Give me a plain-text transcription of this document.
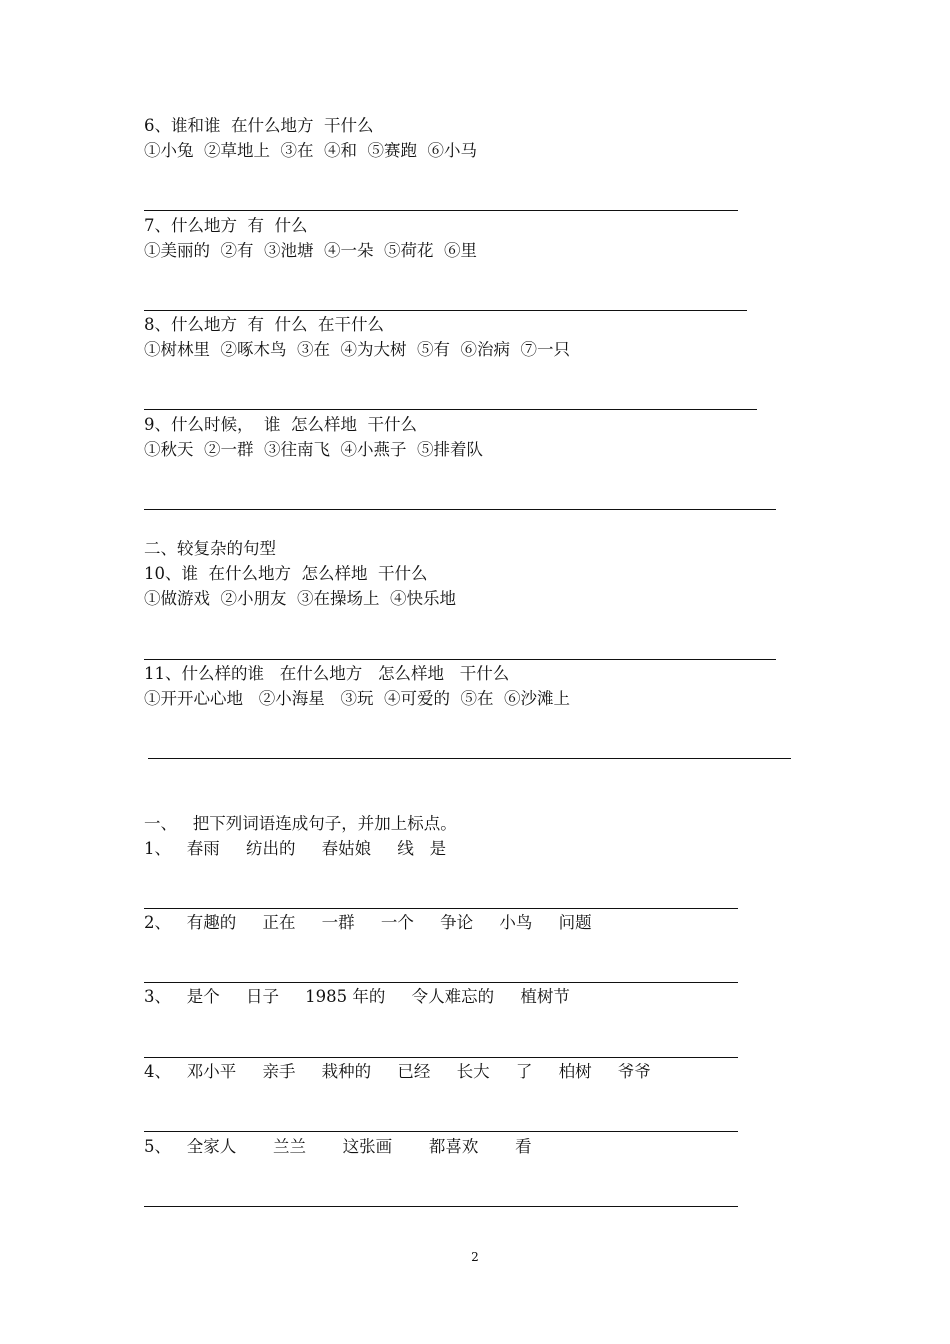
6、谁和谁  在什么地方  干什么

①小兔  ②草地上  ③在  ④和  ⑤赛跑  ⑥小马

7、什么地方  有  什么

①美丽的  ②有  ③池塘  ④一朵  ⑤荷花  ⑥里

8、什么地方  有  什么  在干什么

①树林里  ②啄木鸟  ③在  ④为大树  ⑤有  ⑥治病  ⑦一只

9、什么时候，  谁  怎么样地  干什么

①秋天  ②一群  ③往南飞  ④小燕子  ⑤排着队

二、较复杂的句型

10、谁  在什么地方  怎么样地  干什么

①做游戏  ②小朋友  ③在操场上  ④快乐地

11、什么样的谁   在什么地方   怎么样地   干什么

①开开心心地   ②小海星   ③玩  ④可爱的  ⑤在  ⑥沙滩上

一、   把下列词语连成句子，并加上标点。

1、   春雨     纺出的     春姑娘     线   是

2、   有趣的     正在     一群     一个     争论     小鸟     问题

3、   是个     日子     1985 年的     令人难忘的     植树节

4、   邓小平     亲手     栽种的     已经     长大     了     柏树     爷爷

5、   全家人       兰兰       这张画       都喜欢       看

2
